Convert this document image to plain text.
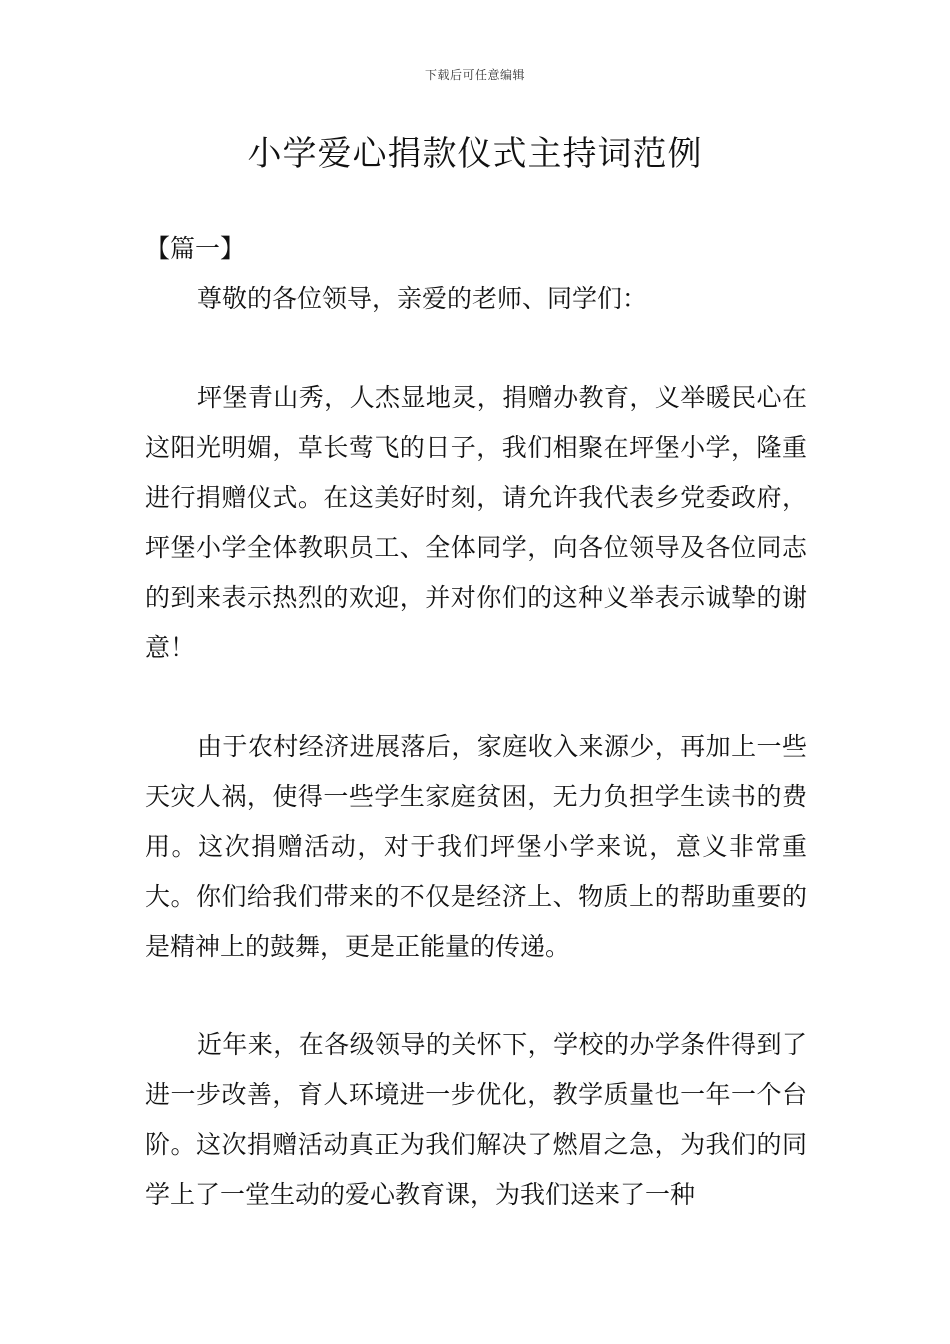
下载后可任意编辑
小学爱心捐款仪式主持词范例
【篇一】

尊敬的各位领导，亲爱的老师、同学们：

坪堡青山秀，人杰显地灵，捐赠办教育，义举暖民心在这阳光明媚，草长莺飞的日子，我们相聚在坪堡小学，隆重进行捐赠仪式。在这美好时刻，请允许我代表乡党委政府，坪堡小学全体教职员工、全体同学，向各位领导及各位同志的到来表示热烈的欢迎，并对你们的这种义举表示诚挚的谢意！

由于农村经济进展落后，家庭收入来源少，再加上一些天灾人祸，使得一些学生家庭贫困，无力负担学生读书的费用。这次捐赠活动，对于我们坪堡小学来说，意义非常重大。你们给我们带来的不仅是经济上、物质上的帮助重要的是精神上的鼓舞，更是正能量的传递。

近年来，在各级领导的关怀下，学校的办学条件得到了进一步改善，育人环境进一步优化，教学质量也一年一个台阶。这次捐赠活动真正为我们解决了燃眉之急，为我们的同学上了一堂生动的爱心教育课，为我们送来了一种
